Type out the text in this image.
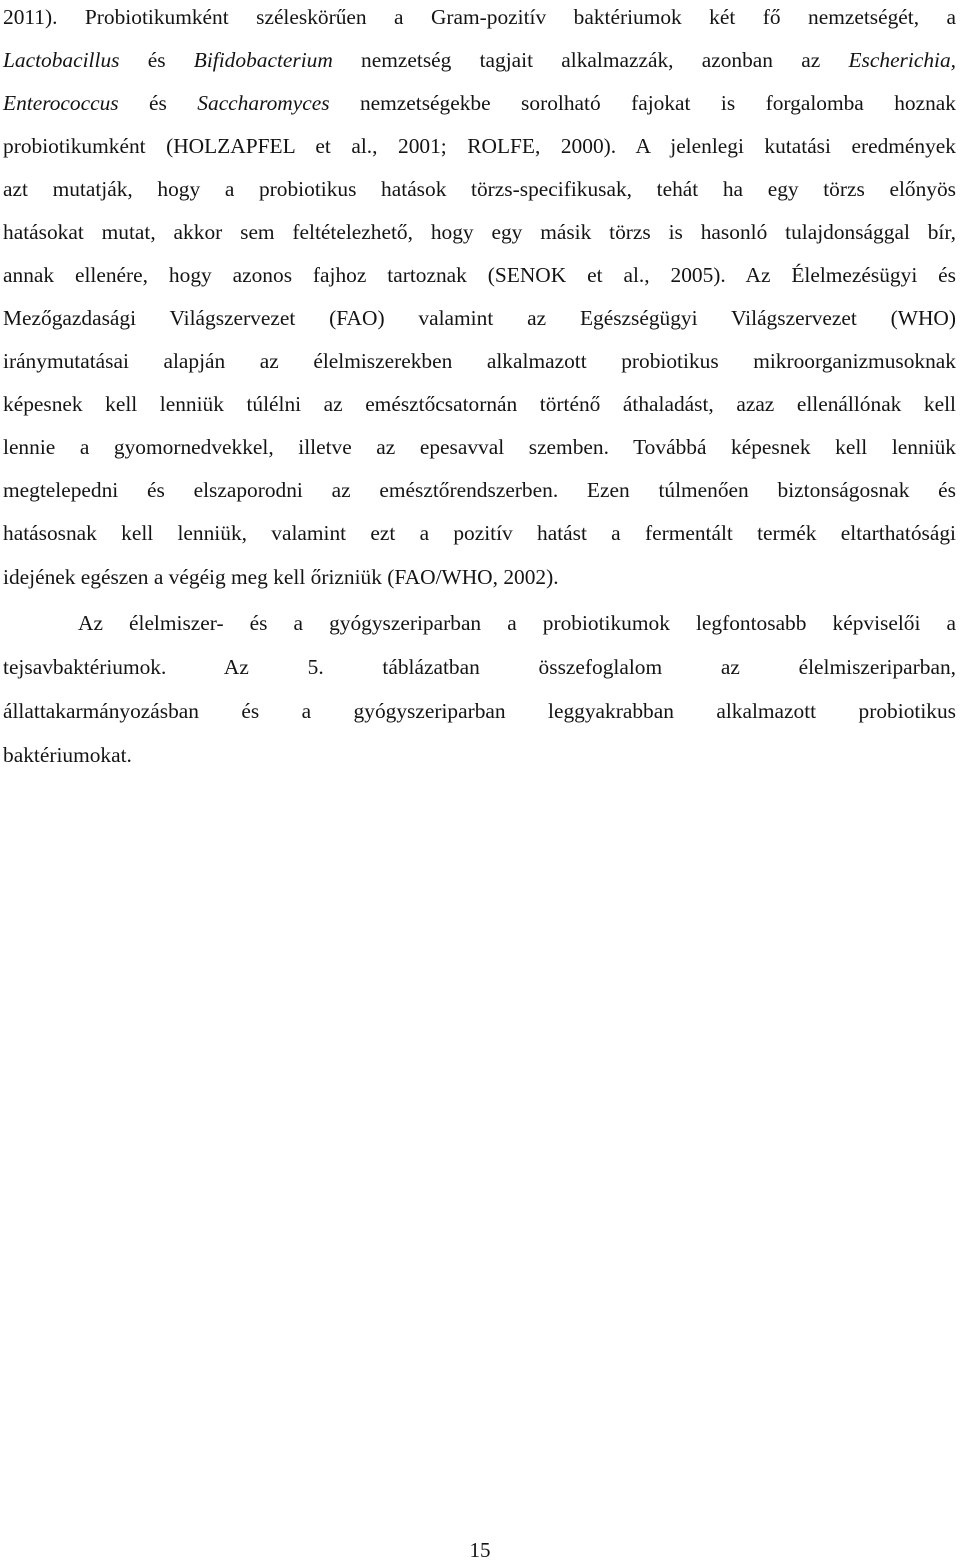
2011). Probiotikumként széleskörűen a Gram-pozitív baktériumok két fő nemzetségét, a
Lactobacillus és Bifidobacterium nemzetség tagjait alkalmazzák, azonban az Escherichia,
Enterococcus és Saccharomyces nemzetségekbe sorolható fajokat is forgalomba hoznak
probiotikumként (HOLZAPFEL et al., 2001; ROLFE, 2000). A jelenlegi kutatási eredmények
azt mutatják, hogy a probiotikus hatások törzs-specifikusak, tehát ha egy törzs előnyös
hatásokat mutat, akkor sem feltételezhető, hogy egy másik törzs is hasonló tulajdonsággal bír,
annak ellenére, hogy azonos fajhoz tartoznak (SENOK et al., 2005). Az Élelmezésügyi és
Mezőgazdasági Világszervezet (FAO) valamint az Egészségügyi Világszervezet (WHO)
iránymutatásai alapján az élelmiszerekben alkalmazott probiotikus mikroorganizmusoknak
képesnek kell lenniük túlélni az emésztőcsatornán történő áthaladást, azaz ellenállónak kell
lennie a gyomornedvekkel, illetve az epesavval szemben. Továbbá képesnek kell lenniük
megtelepedni és elszaporodni az emésztőrendszerben. Ezen túlmenően biztonságosnak és
hatásosnak kell lenniük, valamint ezt a pozitív hatást a fermentált termék eltarthatósági
idejének egészen a végéig meg kell őrizniük (FAO/WHO, 2002).
Az élelmiszer- és a gyógyszeriparban a probiotikumok legfontosabb képviselői a
tejsavbaktériumok. Az 5. táblázatban összefoglalom az élelmiszeriparban,
állattakarmányozásban és a gyógyszeriparban leggyakrabban alkalmazott probiotikus
baktériumokat.
15
